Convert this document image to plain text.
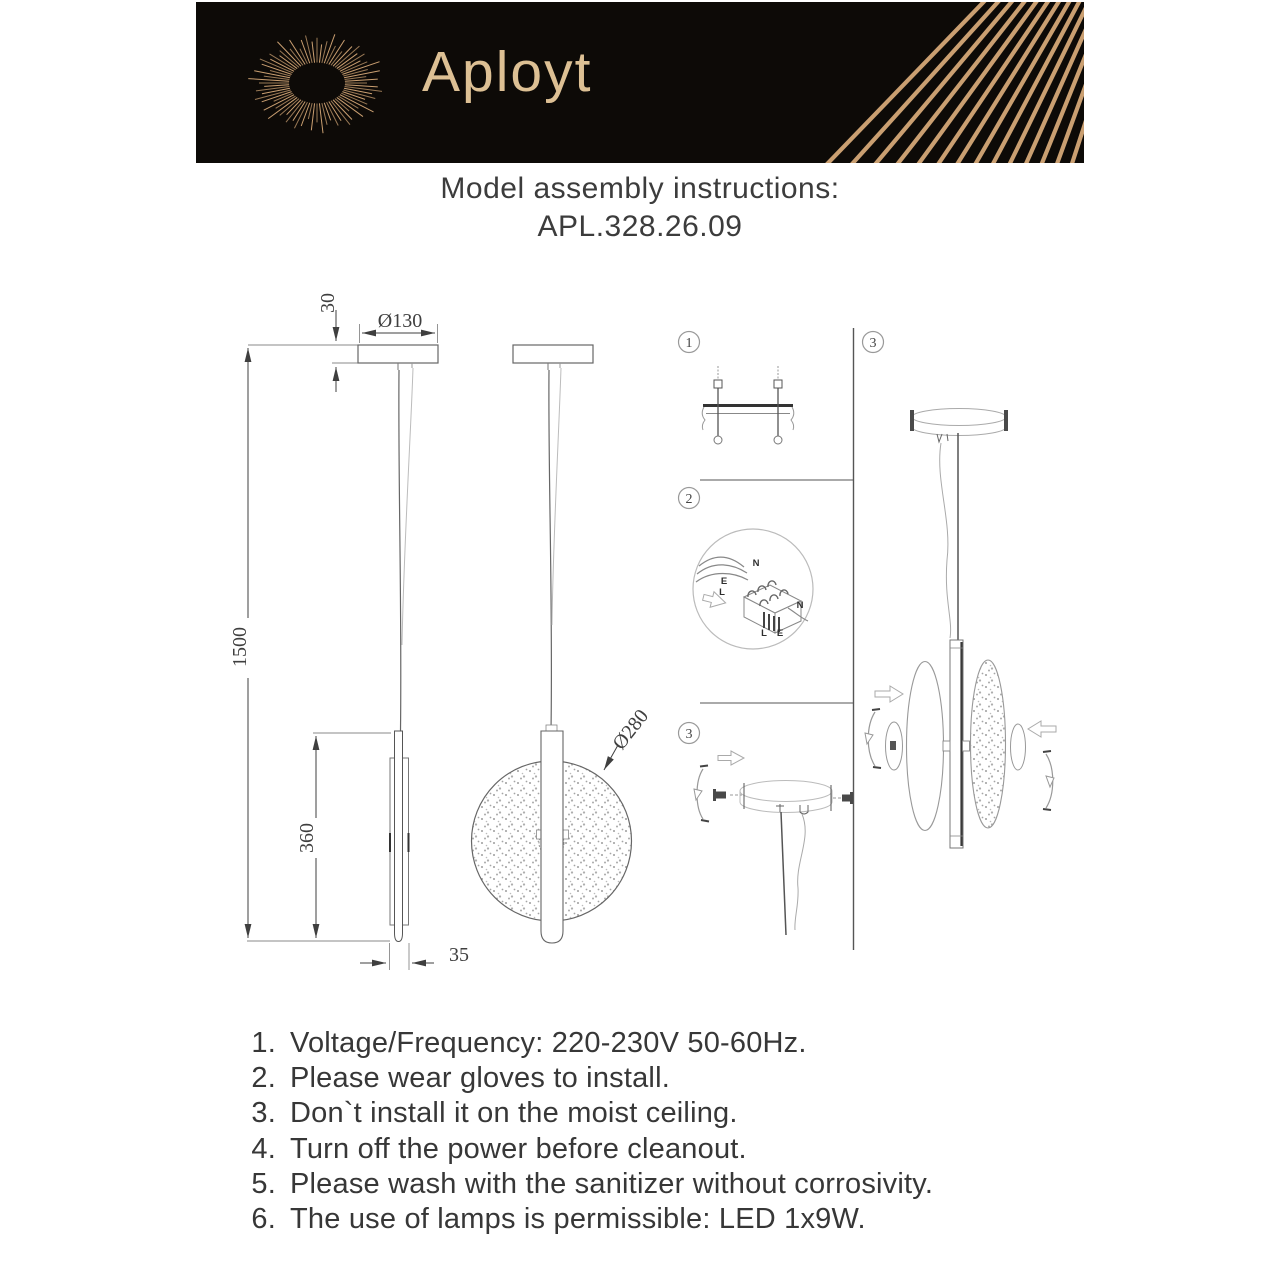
Aployt
Model assembly instructions:
APL.328.26.09
30
Ø130
1500
360
35
Ø280
1
2
3
3
N
E
L
N
L E
1. Voltage/Frequency: 220-230V 50-60Hz.
2. Please wear gloves to install.
3. Don`t install it on the moist ceiling.
4. Turn off the power before cleanout.
5. Please wash with the sanitizer without corrosivity.
6. The use of lamps is permissible: LED 1x9W.
